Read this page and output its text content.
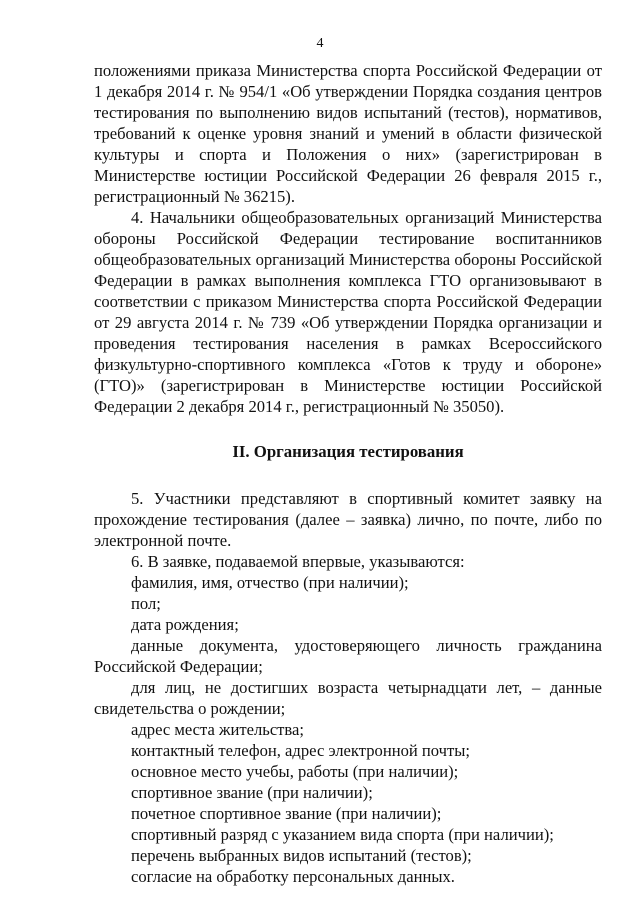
4

положениями приказа Министерства спорта Российской Федерации от 1 декабря 2014 г. № 954/1 «Об утверждении Порядка создания центров тестирования по выполнению видов испытаний (тестов), нормативов, требований к оценке уровня знаний и умений в области физической культуры и спорта и Положения о них» (зарегистрирован в Министерстве юстиции Российской Федерации 26 февраля 2015 г., регистрационный № 36215).

4. Начальники общеобразовательных организаций Министерства обороны Российской Федерации тестирование воспитанников общеобразовательных организаций Министерства обороны Российской Федерации в рамках выполнения комплекса ГТО организовывают в соответствии с приказом Министерства спорта Российской Федерации от 29 августа 2014 г. № 739 «Об утверждении Порядка организации и проведения тестирования населения в рамках Всероссийского физкультурно-спортивного комплекса «Готов к труду и обороне» (ГТО)» (зарегистрирован в Министерстве юстиции Российской Федерации 2 декабря 2014 г., регистрационный № 35050).

II. Организация тестирования

5. Участники представляют в спортивный комитет заявку на прохождение тестирования (далее – заявка) лично, по почте, либо по электронной почте.

6. В заявке, подаваемой впервые, указываются:

фамилия, имя, отчество (при наличии);

пол;

дата рождения;

данные документа, удостоверяющего личность гражданина Российской Федерации;

для лиц, не достигших возраста четырнадцати лет, – данные свидетельства о рождении;

адрес места жительства;

контактный телефон, адрес электронной почты;

основное место учебы, работы (при наличии);

спортивное звание (при наличии);

почетное спортивное звание (при наличии);

спортивный разряд с указанием вида спорта (при наличии);

перечень выбранных видов испытаний (тестов);

согласие на обработку персональных данных.
